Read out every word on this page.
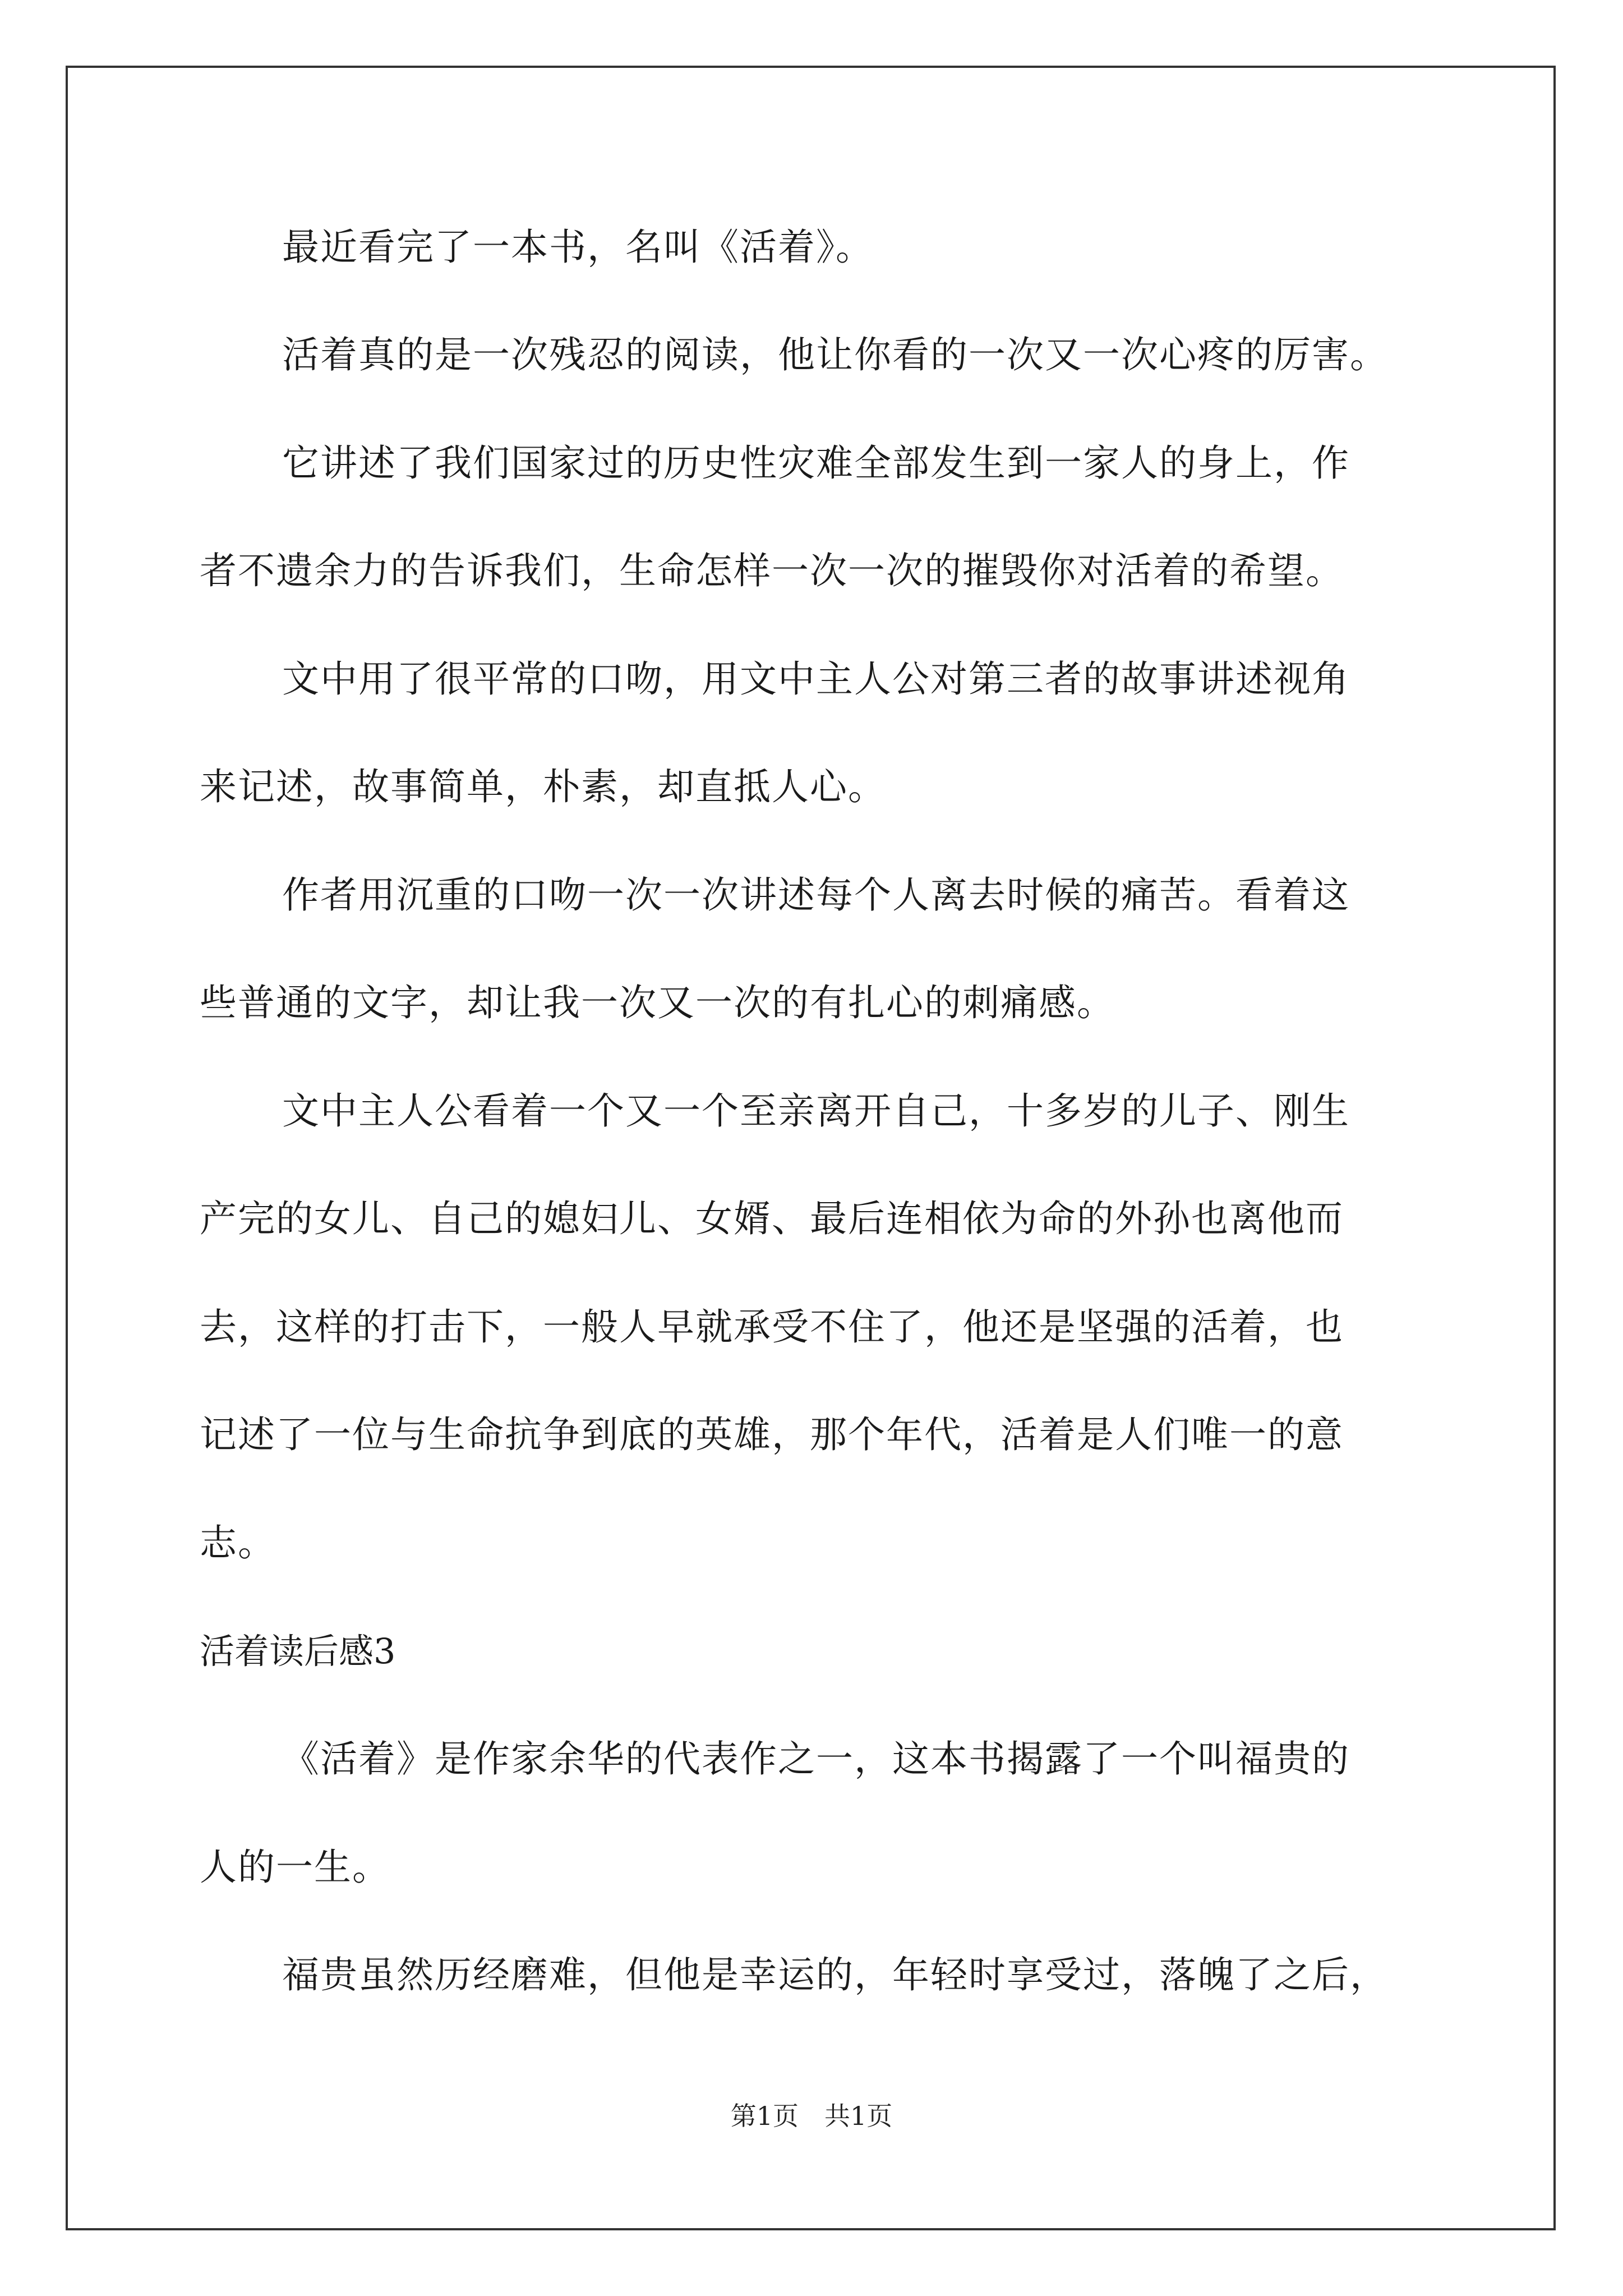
最近看完了一本书，名叫《活着》。
活着真的是一次残忍的阅读，他让你看的一次又一次心疼的厉害。
它讲述了我们国家过的历史性灾难全部发生到一家人的身上，作
者不遗余力的告诉我们，生命怎样一次一次的摧毁你对活着的希望。
文中用了很平常的口吻，用文中主人公对第三者的故事讲述视角
来记述，故事简单，朴素，却直抵人心。
作者用沉重的口吻一次一次讲述每个人离去时候的痛苦。看着这
些普通的文字，却让我一次又一次的有扎心的刺痛感。
文中主人公看着一个又一个至亲离开自己，十多岁的儿子、刚生
产完的女儿、自己的媳妇儿、女婿、最后连相依为命的外孙也离他而
去，这样的打击下，一般人早就承受不住了，他还是坚强的活着，也
记述了一位与生命抗争到底的英雄，那个年代，活着是人们唯一的意
志。
活着读后感3
《活着》是作家余华的代表作之一，这本书揭露了一个叫福贵的
人的一生。
福贵虽然历经磨难，但他是幸运的，年轻时享受过，落魄了之后，
第1页　共1页
